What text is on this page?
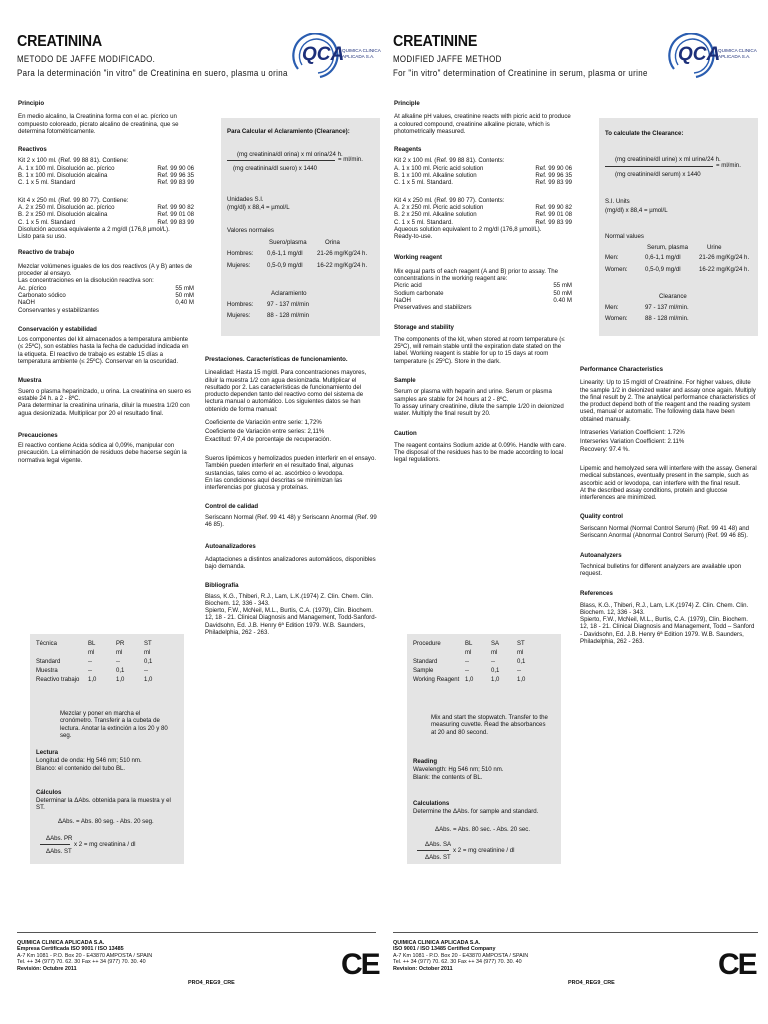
CREATININA
METODO DE JAFFE MODIFICADO.
Para la determinación "in vitro" de Creatinina en suero, plasma u orina
QCA
QUIMICA CLINICA
APLICADA S.A.

Principio

En medio alcalino, la Creatinina forma con el ac. pícrico un compuesto coloreado, picrato alcalino de creatinina, que se determina fotométricamente.

Reactivos

Kit 2 x 100 ml. (Ref. 99 88 81). Contiene:

A. 1 x 100 ml. Disolución ac. pícrico	Ref. 99 90 06
B. 1 x 100 ml. Disolución alcalina	Ref. 99 96 35
C. 1 x 5 ml. Standard	Ref. 99 83 99

Kit 4 x 250 ml. (Ref. 99 80 77). Contiene:

A. 2 x 250 ml. Disolución ac. pícrico	Ref. 99 90 82
B. 2 x 250 ml. Disolución alcalina	Ref. 99 01 08
C. 1 x 5 ml. Standard	Ref. 99 83 99

Disolución acuosa equivalente a 2 mg/dl (176,8 µmol/L).

Listo para su uso.

Reactivo de trabajo

Mezclar volúmenes iguales de los dos reactivos (A y B) antes de proceder al ensayo.

Las concentraciones en la disolución reactiva son:

Ac. pícrico	55 mM
Carbonato sódico	50 mM
NaOH	0,40 M

Conservantes y estabilizantes

Conservación y estabilidad

Los componentes del kit almacenados a temperatura ambiente (≤ 25ºC), son estables hasta la fecha de caducidad indicada en la etiqueta. El reactivo de trabajo es estable 15 días a temperatura ambiente (≤ 25ºC). Conservar en la oscuridad.

Muestra

Suero o plasma heparinizado, u orina. La creatinina en suero es estable 24 h. a 2 - 8ºC.

Para determinar la creatinina urinaria, diluir la muestra 1/20 con agua desionizada. Multiplicar por 20 el resultado final.

Precauciones

El reactivo contiene Acida sódica al 0,09%, manipular con precaución. La eliminación de residuos debe hacerse según la normativa legal vigente.

Para Calcular el Aclaramiento (Clearance):
(mg creatinina/dl orina) x ml orina/24 h.
= ml/min.
(mg creatinina/dl suero) x 1440
Unidades S.I.
(mg/dl) x 88,4 = µmol/L
Valores normales
Suero/plasma	Orina
Hombres: 0,6-1,1 mg/dl 21-26 mg/Kg/24 h.
Mujeres:	0,5-0,9 mg/dl 16-22 mg/Kg/24 h.
Aclaramiento
Hombres: 97 - 137 ml/min
Mujeres:	88 - 128 ml/min

Prestaciones. Características de funcionamiento.

Linealidad: Hasta 15 mg/dl. Para concentraciones mayores, diluir la muestra 1/2 con agua desionizada. Multiplicar el resultado por 2. Las características de funcionamiento del producto dependen tanto del reactivo como del sistema de lectura manual o automático. Los siguientes datos se han obtenido de forma manual:

Coeficiente de Variación entre serie: 1,72%

Coeficiente de Variación entre series: 2,11%

Exactitud: 97,4 de porcentaje de recuperación.

Sueros lipémicos y hemolizados pueden interferir en el ensayo. También pueden interferir en el resultado final, algunas sustancias, tales como el ac. ascórbico o levodopa.

En las condiciones aquí descritas se minimizan las interferencias por glucosa y proteínas.

Control de calidad

Seriscann Normal (Ref. 99 41 48) y Seriscann Anormal (Ref. 99 46 85).

Autoanalizadores

Adaptaciones a distintos analizadores automáticos, disponibles bajo demanda.

Bibliografía

Blass, K.G., Thiberi, R.J., Lam, L.K.(1974) Z. Clin. Chem. Clin. Biochem. 12, 336 - 343.

Spierto, F.W., McNeil, M.L., Burtis, C.A. (1979), Clin. Biochem. 12, 18 - 21. Clinical Diagnosis and Management, Todd-Sanford-Davidsohn, Ed. J.B. Henry 6ª Edition 1979. W.B. Saunders, Philadelphia, 262 - 263.

Técnica	BL	PR	ST
	ml	ml	ml
Standard	--	--	0,1
Muestra	--	0,1	--
Reactivo trabajo	1,0	1,0	1,0
Mezclar y poner en marcha el cronómetro. Transferir a la cubeta de lectura. Anotar la extinción a los 20 y 80 seg.
Lectura
Longitud de onda: Hg 546 nm; 510 nm.
Blanco: el contenido del tubo BL.
Cálculos
Determinar la ΔAbs. obtenida para la muestra y el ST.
ΔAbs. = Abs. 80 seg. - Abs. 20 seg.
ΔAbs. PR
x 2 = mg creatinina / dl
ΔAbs. ST
QUIMICA CLINICA APLICADA S.A.
Empresa Certificada ISO 9001 / ISO 13485
A-7 Km 1081 - P.O. Box 20 - E43870 AMPOSTA / SPAIN
Tel. ++ 34 (977) 70. 62. 30 Fax ++ 34 (977) 70. 30. 40
Revisión: Octubre 2011
PRO4_REG9_CRE
CE
CREATININE
MODIFIED JAFFE METHOD
For "in vitro" determination of Creatinine in serum, plasma or urine
QCA
QUIMICA CLINICA
APLICADA S.A.

Principle

At alkaline pH values, creatinine reacts with picric acid to produce a coloured compound, creatinine alkaline picrate, which is photometrically measured.

Reagents

Kit 2 x 100 ml. (Ref. 99 88 81). Contents:

A. 1 x 100 ml. Picric acid solution	Ref. 99 90 06
B. 1 x 100 ml. Alkaline solution	Ref. 99 96 35
C. 1 x 5 ml. Standard.	Ref. 99 83 99

Kit 4 x 250 ml. (Ref. 99 80 77). Contents:

A. 2 x 250 ml. Picric acid solution	Ref. 99 90 82
B. 2 x 250 ml. Alkaline solution	Ref. 99 01 08
C. 1 x 5 ml. Standard.	Ref. 99 83 99

Aqueous solution equivalent to 2 mg/dl (176,8 µmol/L).

Ready-to-use.

Working reagent

Mix equal parts of each reagent (A and B) prior to assay. The concentrations in the working reagent are:

Picric acid	55 mM
Sodium carbonate	50 mM
NaOH	0.40 M

Preservatives and stabilizers

Storage and stability

The components of the kit, when stored at room temperature (≤ 25ºC), will remain stable until the expiration date stated on the label. Working reagent is stable for up to 15 days at room temperature (≤ 25ºC). Store in the dark.

Sample

Serum or plasma with heparin and urine. Serum or plasma samples are stable for 24 hours at 2 - 8ºC.

To assay urinary creatinine, dilute the sample 1/20 in deionized water. Multiply the final result by 20.

Caution

The reagent contains Sodium azide at 0.09%. Handle with care. The disposal of the residues has to be made according to local legal regulations.

To calculate the Clearance:
(mg creatinine/dl urine) x ml urine/24 h.
= ml/min.
(mg creatinine/dl serum) x 1440
S.I. Units
(mg/dl) x 88,4 = µmol/L
Normal values
Serum, plasma	Urine
Men:	0,6-1,1 mg/dl	21-26 mg/Kg/24 h.
Women:	0,5-0,9 mg/dl	16-22 mg/Kg/24 h.
Clearance
Men:	97 - 137 ml/min.
Women:	88 - 128 ml/min.

Performance Characteristics

Linearity: Up to 15 mg/dl of Creatinine. For higher values, dilute the sample 1/2 in deionized water and assay once again. Multiply the final result by 2. The analytical performance characteristics of the product depend both of the reagent and the reading system used, manual or automatic. The following data have been obtained manually.

Intraseries Variation Coefficient: 1.72%

Interseries Variation Coefficient: 2.11%

Recovery: 97.4 %.

Lipemic and hemolyzed sera will interfere with the assay. General medical substances, eventually present in the sample, such as ascorbic acid or levodopa, can interfere with the final result.

At the described assay conditions, protein and glucose interferences are minimized.

Quality control

Seriscann Normal (Normal Control Serum) (Ref. 99 41 48) and Seriscann Anormal (Abnormal Control Serum) (Ref. 99 46 85).

Autoanalyzers

Technical bulletins for different analyzers are available upon request.

References

Blass, K.G., Thiberi, R.J., Lam, L.K.(1974) Z. Clin. Chem. Clin. Biochem. 12, 336 - 343.

Spierto, F.W., McNeil, M.L., Burtis, C.A. (1979), Clin. Biochem. 12, 18 - 21. Clinical Diagnosis and Management, Todd – Sanford - Davidsohn, Ed. J.B. Henry 6ª Edition 1979. W.B. Saunders, Philadelphia, 262 - 263.

Procedure	BL	SA	ST
	ml	ml	ml
Standard	--	--	0,1
Sample	--	0,1	--
Working Reagent	1,0	1,0	1,0
Mix and start the stopwatch. Transfer to the measuring cuvette. Read the absorbances at 20 and 80 second.
Reading
Wavelength: Hg 546 nm; 510 nm.
Blank: the contents of BL.
Calculations
Determine the ΔAbs. for sample and standard.
ΔAbs. = Abs. 80 sec. - Abs. 20 sec.
ΔAbs. SA
x 2 = mg creatinine / dl
ΔAbs. ST
QUIMICA CLINICA APLICADA S.A.
ISO 9001 / ISO 13485 Certified Company
A-7 Km 1081 - P.O. Box 20 - E43870 AMPOSTA / SPAIN
Tel. ++ 34 (977) 70. 62. 30 Fax ++ 34 (977) 70. 30. 40
Revision: October 2011
PRO4_REG9_CRE
CE
